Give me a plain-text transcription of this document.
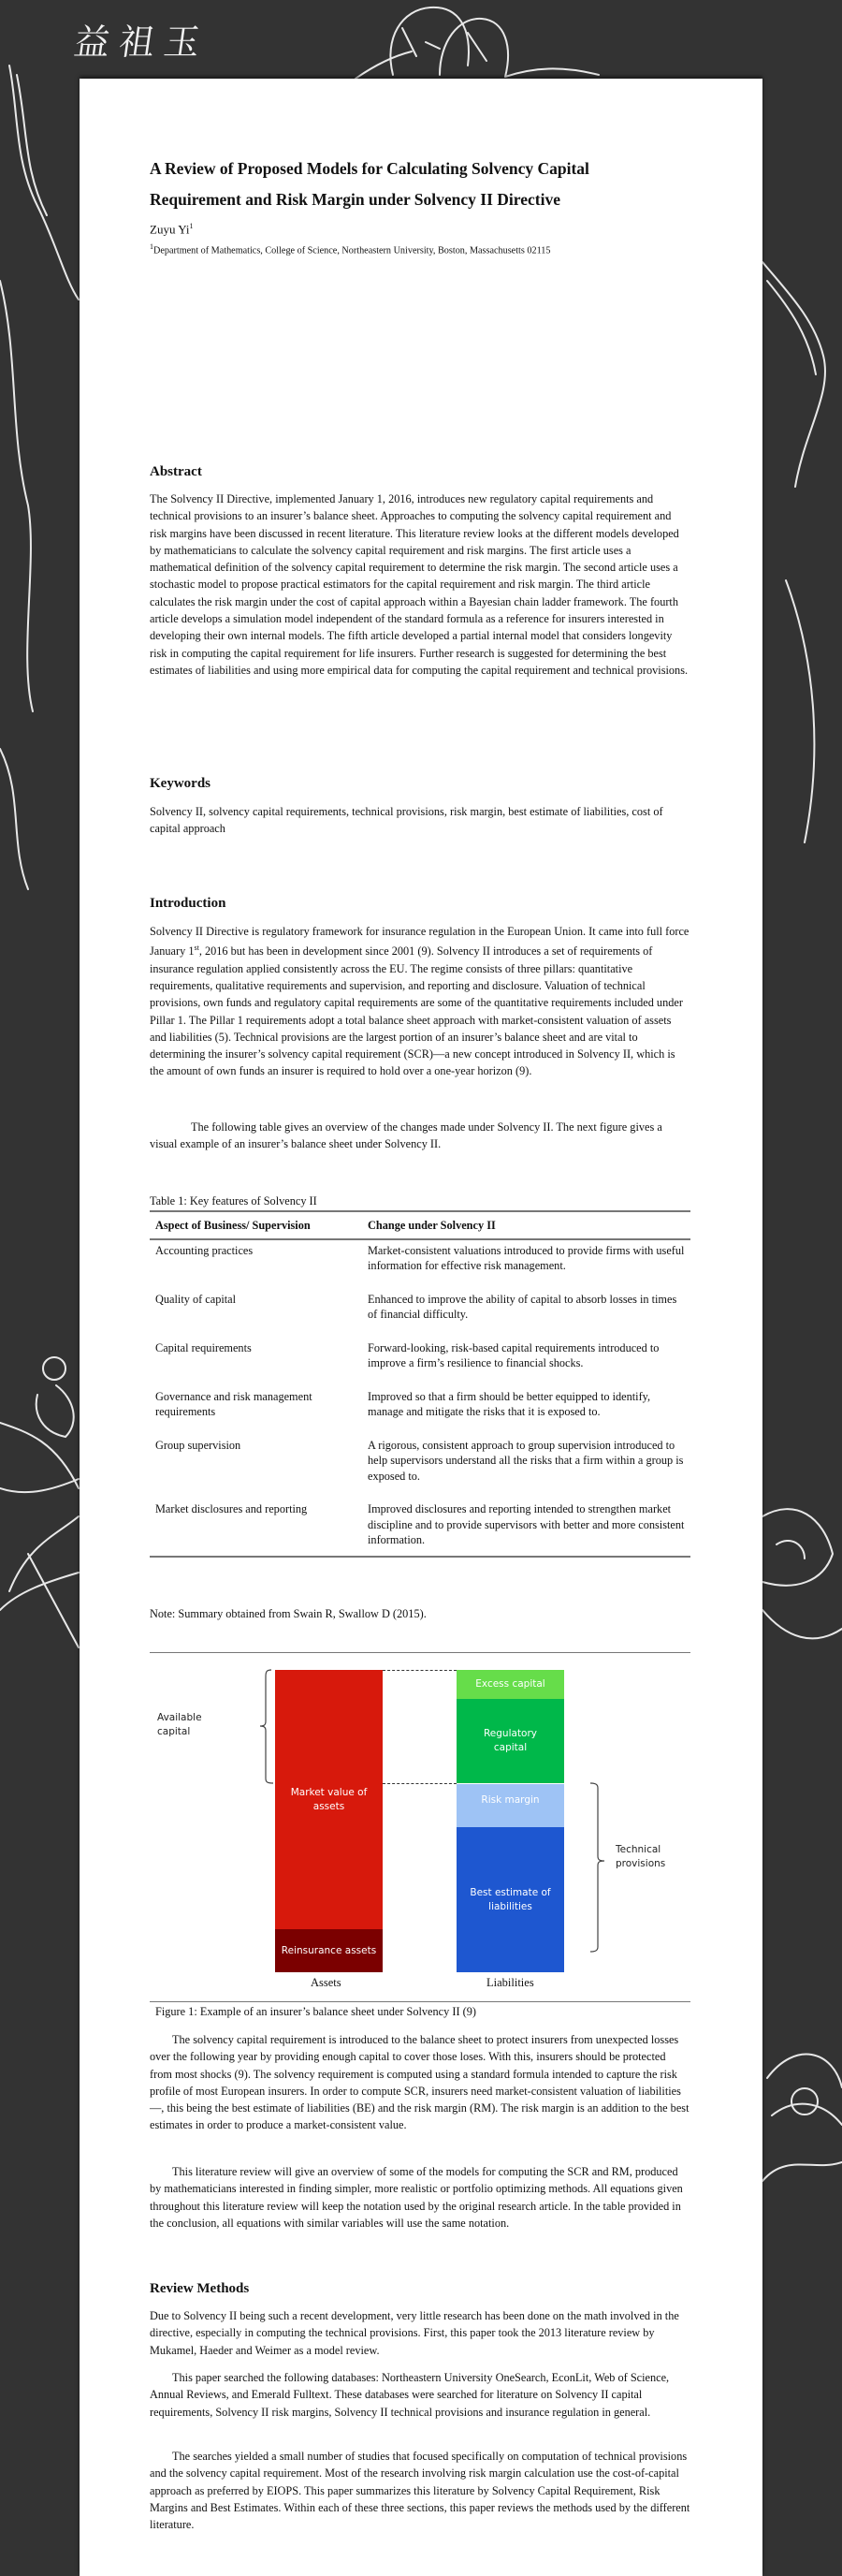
益祖玉
A Review of Proposed Models for Calculating Solvency Capital
Requirement and Risk Margin under Solvency II Directive
Zuyu Yi$^1$
$^1$Department of Mathematics, College of Science, Northeastern University, Boston, Massachusetts 02115
Abstract

The Solvency II Directive, implemented January 1, 2016, introduces new regulatory capital requirements and technical provisions to an insurer’s balance sheet. Approaches to computing the solvency capital requirement and risk margins have been discussed in recent literature. This literature review looks at the different models developed by mathematicians to calculate the solvency capital requirement and risk margins. The first article uses a mathematical definition of the solvency capital requirement to determine the risk margin. The second article uses a stochastic model to propose practical estimators for the capital requirement and risk margin. The third article calculates the risk margin under the cost of capital approach within a Bayesian chain ladder framework. The fourth article develops a simulation model independent of the standard formula as a reference for insurers interested in developing their own internal models. The fifth article developed a partial internal model that considers longevity risk in computing the capital requirement for life insurers. Further research is suggested for determining the best estimates of liabilities and using more empirical data for computing the capital requirement and technical provisions.

Keywords

Solvency II, solvency capital requirements, technical provisions, risk margin, best estimate of liabilities, cost of capital approach

Introduction

Solvency II Directive is regulatory framework for insurance regulation in the European Union. It came into full force January 1st, 2016 but has been in development since 2001 (9). Solvency II introduces a set of requirements of insurance regulation applied consistently across the EU. The regime consists of three pillars: quantitative requirements, qualitative requirements and supervision, and reporting and disclosure. Valuation of technical provisions, own funds and regulatory capital requirements are some of the quantitative requirements included under Pillar 1. The Pillar 1 requirements adopt a total balance sheet approach with market-consistent valuation of assets and liabilities (5). Technical provisions are the largest portion of an insurer’s balance sheet and are vital to determining the insurer’s solvency capital requirement (SCR)—a new concept introduced in Solvency II, which is the amount of own funds an insurer is required to hold over a one-year horizon (9).

The following table gives an overview of the changes made under Solvency II. The next figure gives a visual example of an insurer’s balance sheet under Solvency II.

Table 1: Key features of Solvency II
Aspect of Business/ Supervision	Change under Solvency II
Accounting practices	Market-consistent valuations introduced to provide firms with useful information for effective risk management.
Quality of capital	Enhanced to improve the ability of capital to absorb losses in times of financial difficulty.
Capital requirements	Forward-looking, risk-based capital requirements introduced to improve a firm’s resilience to financial shocks.
Governance and risk management requirements	Improved so that a firm should be better equipped to identify, manage and mitigate the risks that it is exposed to.
Group supervision	A rigorous, consistent approach to group supervision introduced to help supervisors understand all the risks that a firm within a group is exposed to.
Market disclosures and reporting	Improved disclosures and reporting intended to strengthen market discipline and to provide supervisors with better and more consistent information.
Note: Summary obtained from Swain R, Swallow D (2015).
Available
capital
Market value of
assets
Reinsurance assets
Excess capital
Regulatory
capital
Risk margin
Best estimate of
liabilities
Technical
provisions
Assets	Liabilities
Figure 1: Example of an insurer’s balance sheet under Solvency II (9)

The solvency capital requirement is introduced to the balance sheet to protect insurers from unexpected losses over the following year by providing enough capital to cover those loses. With this, insurers should be protected from most shocks (9). The solvency requirement is computed using a standard formula intended to capture the risk profile of most European insurers. In order to compute SCR, insurers need market-consistent valuation of liabilities—, this being the best estimate of liabilities (BE) and the risk margin (RM). The risk margin is an addition to the best estimates in order to produce a market-consistent value.

This literature review will give an overview of some of the models for computing the SCR and RM, produced by mathematicians interested in finding simpler, more realistic or portfolio optimizing methods. All equations given throughout this literature review will keep the notation used by the original research article. In the table provided in the conclusion, all equations with similar variables will use the same notation.

Review Methods

Due to Solvency II being such a recent development, very little research has been done on the math involved in the directive, especially in computing the technical provisions. First, this paper took the 2013 literature review by Mukamel, Haeder and Weimer as a model review.

This paper searched the following databases: Northeastern University OneSearch, EconLit, Web of Science, Annual Reviews, and Emerald Fulltext. These databases were searched for literature on Solvency II capital requirements, Solvency II risk margins, Solvency II technical provisions and insurance regulation in general.

The searches yielded a small number of studies that focused specifically on computation of technical provisions and the solvency capital requirement. Most of the research involving risk margin calculation use the cost-of-capital approach as preferred by EIOPS. This paper summarizes this literature by Solvency Capital Requirement, Risk Margins and Best Estimates. Within each of these three sections, this paper reviews the methods used by the different literature.
